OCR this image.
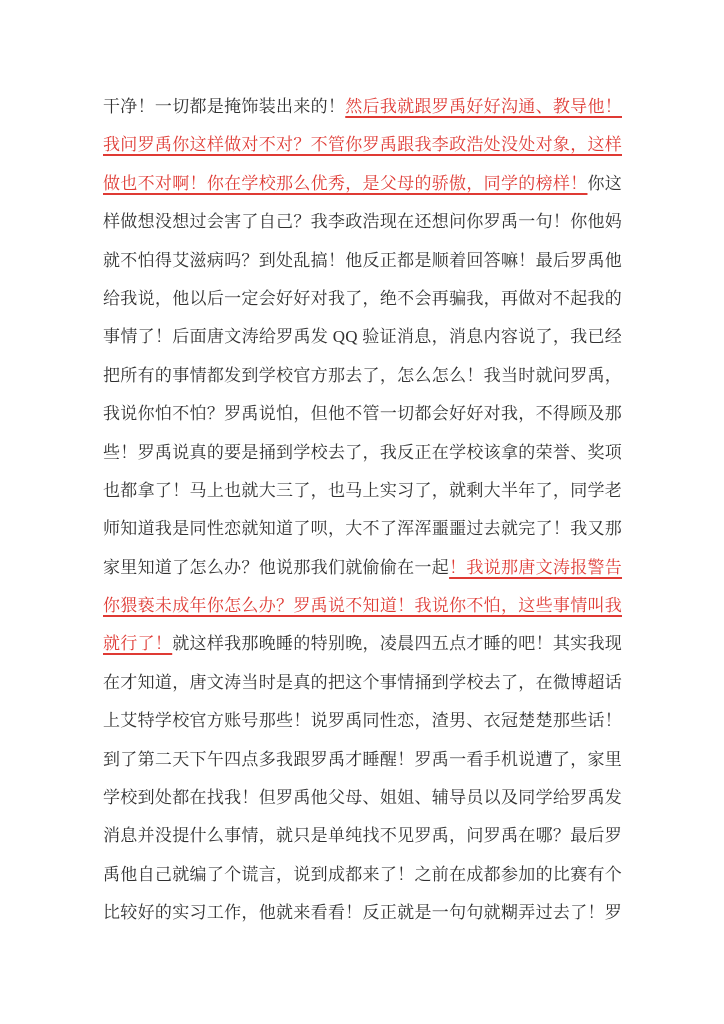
干净！一切都是掩饰装出来的！然后我就跟罗禹好好沟通、教导他！
我问罗禹你这样做对不对？不管你罗禹跟我李政浩处没处对象，这样
做也不对啊！你在学校那么优秀，是父母的骄傲，同学的榜样！你这
样做想没想过会害了自己？我李政浩现在还想问你罗禹一句！你他妈
就不怕得艾滋病吗？到处乱搞！他反正都是顺着回答嘛！最后罗禹他
给我说，他以后一定会好好对我了，绝不会再骗我，再做对不起我的
事情了！后面唐文涛给罗禹发 QQ 验证消息，消息内容说了，我已经
把所有的事情都发到学校官方那去了，怎么怎么！我当时就问罗禹，
我说你怕不怕？罗禹说怕，但他不管一切都会好好对我，不得顾及那
些！罗禹说真的要是捅到学校去了，我反正在学校该拿的荣誉、奖项
也都拿了！马上也就大三了，也马上实习了，就剩大半年了，同学老
师知道我是同性恋就知道了呗，大不了浑浑噩噩过去就完了！我又那
家里知道了怎么办？他说那我们就偷偷在一起！我说那唐文涛报警告
你猥亵未成年你怎么办？罗禹说不知道！我说你不怕，这些事情叫我
就行了！就这样我那晚睡的特别晚，凌晨四五点才睡的吧！其实我现
在才知道，唐文涛当时是真的把这个事情捅到学校去了，在微博超话
上艾特学校官方账号那些！说罗禹同性恋，渣男、衣冠楚楚那些话！
到了第二天下午四点多我跟罗禹才睡醒！罗禹一看手机说遭了，家里
学校到处都在找我！但罗禹他父母、姐姐、辅导员以及同学给罗禹发
消息并没提什么事情，就只是单纯找不见罗禹，问罗禹在哪？最后罗
禹他自己就编了个谎言，说到成都来了！之前在成都参加的比赛有个
比较好的实习工作，他就来看看！反正就是一句句就糊弄过去了！罗
